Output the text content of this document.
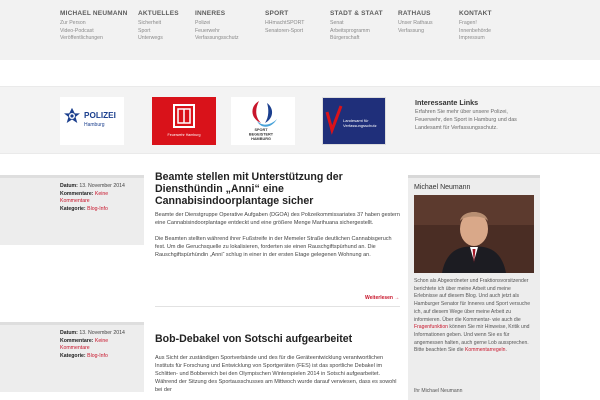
MICHAEL NEUMANN
Zur Person
Video-Podcast
Veröffentlichungen
AKTUELLES
Sicherheit
Sport
Unterwegs
INNERES
Polizei
Feuerwehr
Verfassungsschutz
SPORT
HHmachtSPORT
Senatoren-Sport
STADT & STAAT
Senat
Arbeitsprogramm
Bürgerschaft
RATHAUS
Unser Rathaus
Verfassung
KONTAKT
Fragen!
Innenbehörde
Impressum
POLIZEI
Hamburg
Feuerwehr Hamburg
SPORT
BEGEISTERT
HAMBURG
Landesamt für
Verfassungsschutz
Interessante Links
Erfahren Sie mehr über unsere Polizei, Feuerwehr, den Sport in Hamburg und das Landesamt für Verfassungsschutz.
Datum: 13. November 2014
Kommentare: Keine Kommentare
Kategorie: Blog-Info
Beamte stellen mit Unterstützung der Diensthündin „Anni“ eine Cannabisindoorplantage sicher

Beamte der Dienstgruppe Operative Aufgaben (DGOA) des Polizeikommissariates 37 haben gestern eine Cannabisindoorplantage entdeckt und eine größere Menge Marihuana sichergestellt.

Die Beamten stellten während ihrer Fußstreife in der Memeler Straße deutlichen Cannabisgeruch fest. Um die Geruchsquelle zu lokalisieren, forderten sie einen Rauschgiftspürhund an. Die Rauschgiftspürhündin „Anni“ schlug in einer in der ersten Etage gelegenen Wohnung an.

Weiterlesen →
Datum: 13. November 2014
Kommentare: Keine Kommentare
Kategorie: Blog-Info
Bob-Debakel von Sotschi aufgearbeitet

Aus Sicht der zuständigen Sportverbände und des für die Geräteentwicklung verantwortlichen Instituts für Forschung und Entwicklung von Sportgeräten (FES) ist das sportliche Debakel im Schlitten- und Bobbereich bei den Olympischen Winterspielen 2014 in Sotschi aufgearbeitet. Während der Sitzung des Sportausschusses am Mittwoch wurde darauf verwiesen, dass es sowohl bei der

Michael Neumann
Schon als Abgeordneter und Fraktionsvorsitzender berichtete ich über meine Arbeit und meine Erlebnisse auf diesem Blog. Und auch jetzt als Hamburger Senator für Inneres und Sport versuche ich, auf diesem Wege über meine Arbeit zu informieren. Über die Kommentar- wie auch die Fragenfunktion können Sie mir Hinweise, Kritik und Informationen geben. Und wenn Sie es für angemessen halten, auch gerne Lob aussprechen. Bitte beachten Sie die Kommentarregeln.
Ihr Michael Neumann
